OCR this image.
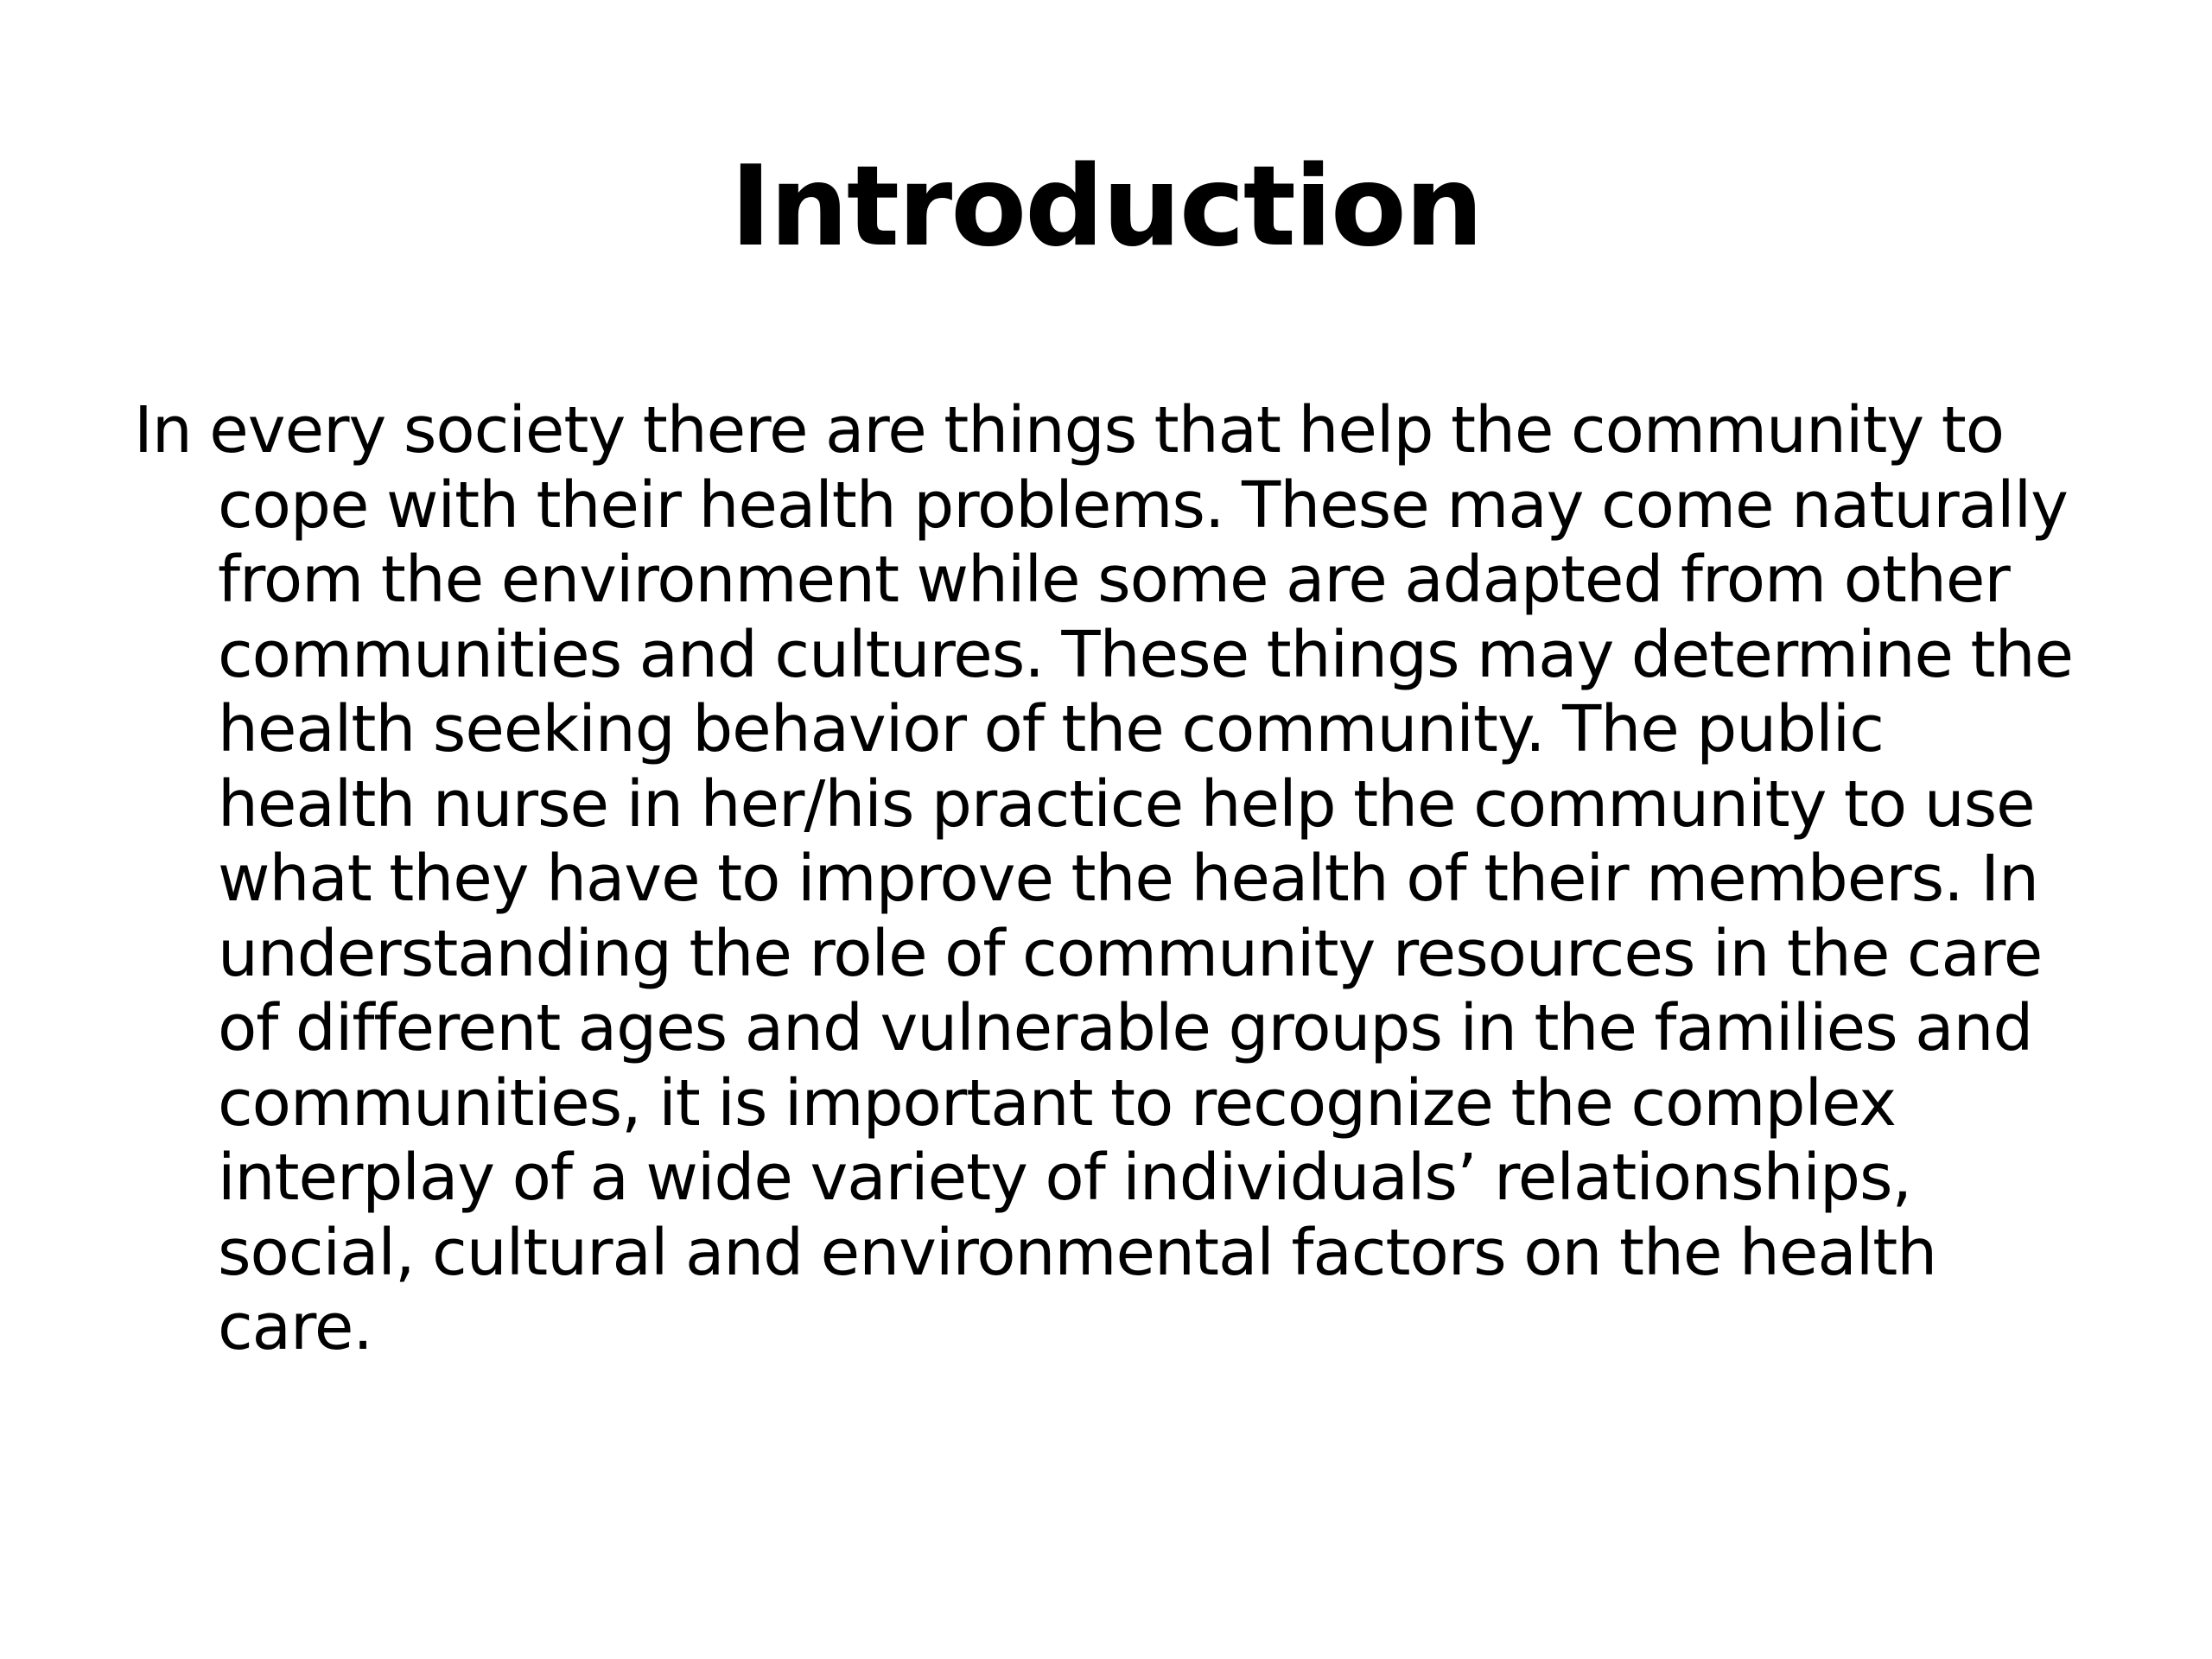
Introduction
In every society there are things that help the community to
cope with their health problems. These may come naturally
from the environment while some are adapted from other
communities and cultures. These things may determine the
health seeking behavior of the community. The public
health nurse in her/his practice help the community to use
what they have to improve the health of their members. In
understanding the role of community resources in the care
of different ages and vulnerable groups in the families and
communities, it is important to recognize the complex
interplay of a wide variety of individuals’ relationships,
social, cultural and environmental factors on the health
care.
